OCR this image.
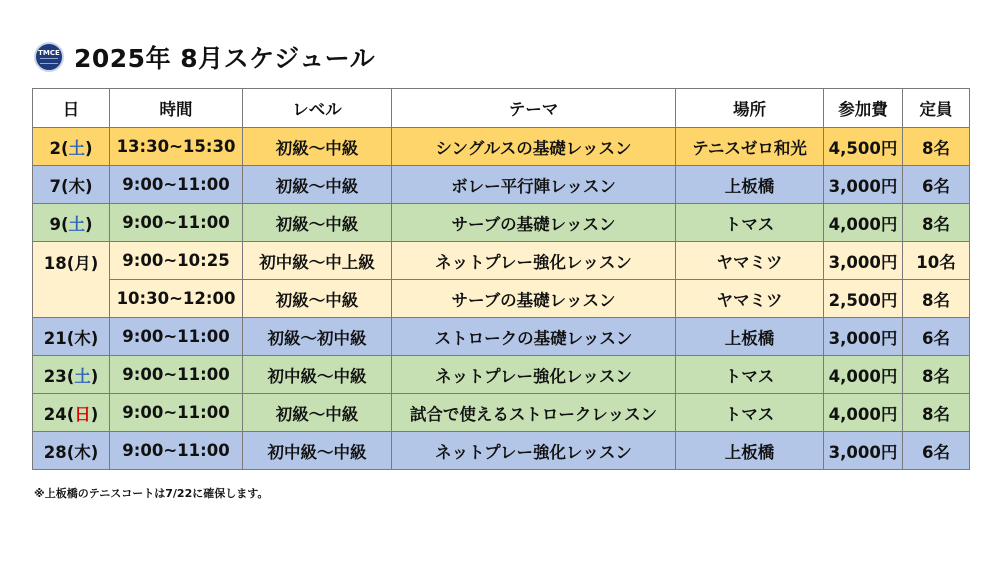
TMCE 2025年 8月スケジュール
日	時間	レベル	テーマ	場所	参加費	定員
2(土)	13:30~15:30	初級～中級	シングルスの基礎レッスン	テニスゼロ和光	4,500円	8名
7(木)	9:00~11:00	初級～中級	ボレー平行陣レッスン	上板橋	3,000円	6名
9(土)	9:00~11:00	初級～中級	サーブの基礎レッスン	トマス	4,000円	8名
18(月)	9:00~10:25	初中級～中上級	ネットプレー強化レッスン	ヤマミツ	3,000円	10名
	10:30~12:00	初級～中級	サーブの基礎レッスン	ヤマミツ	2,500円	8名
21(木)	9:00~11:00	初級～初中級	ストロークの基礎レッスン	上板橋	3,000円	6名
23(土)	9:00~11:00	初中級～中級	ネットプレー強化レッスン	トマス	4,000円	8名
24(日)	9:00~11:00	初級～中級	試合で使えるストロークレッスン	トマス	4,000円	8名
28(木)	9:00~11:00	初中級～中級	ネットプレー強化レッスン	上板橋	3,000円	6名
※上板橋のテニスコートは7/22に確保します。
